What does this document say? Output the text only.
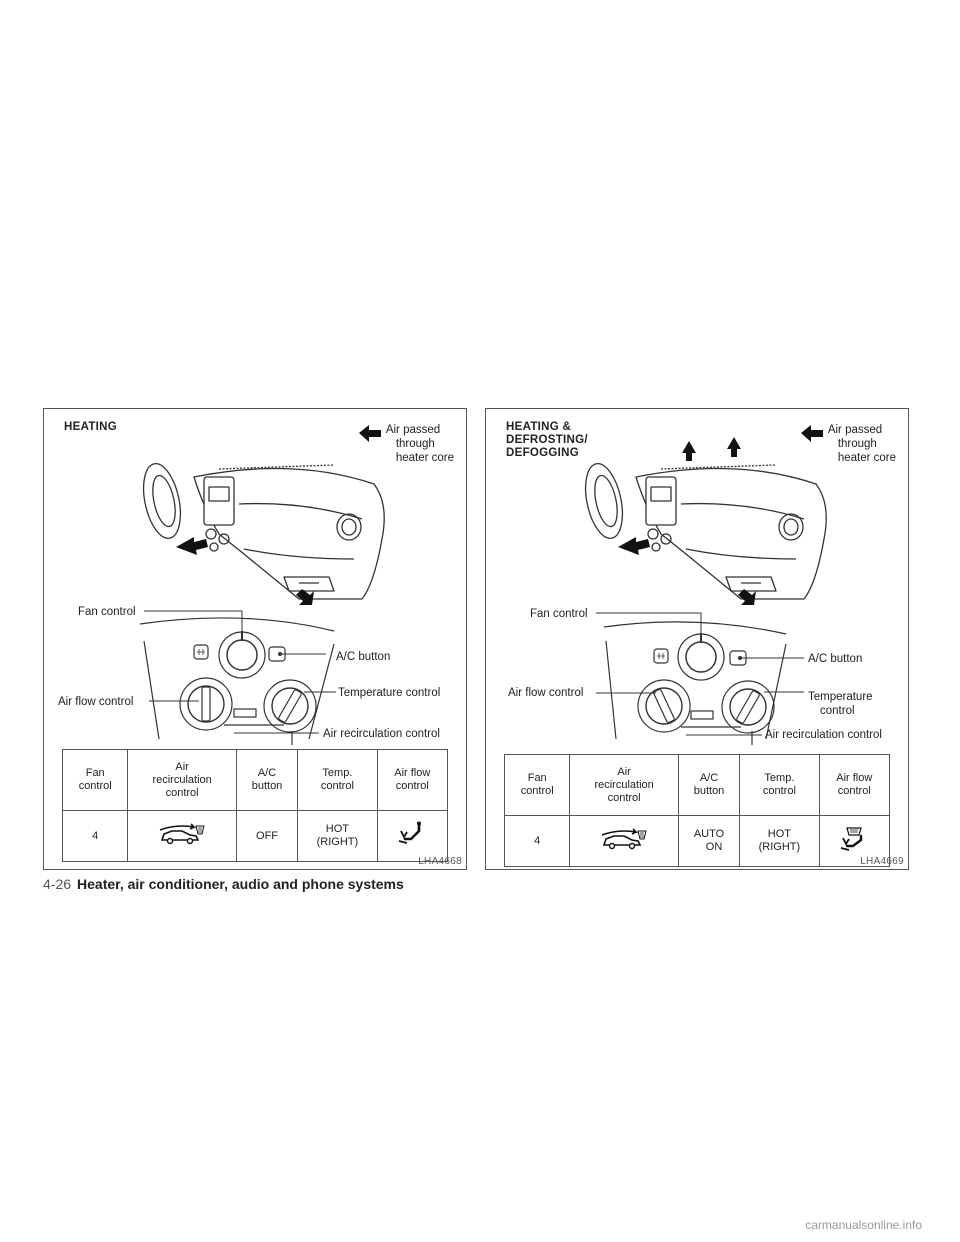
HEATING	Air passed
through
heater core
Fan control
A/C button
Air flow control
Temperature control
Air recirculation control
Fan
control	Air
recirculation
control	A/C
button	Temp.
control	Air flow
control
4		OFF	HOT
(RIGHT)	
LHA4668
HEATING &
DEFROSTING/
DEFOGGING
Air passed
through
heater core
Fan control
A/C button
Air flow control	Temperature
control
Air recirculation control
Fan
control	Air
recirculation
control	A/C
button	Temp.
control	Air flow
control
4		AUTO
ON	HOT
(RIGHT)	
LHA4669
4-26 Heater, air conditioner, audio and phone systems
carmanualsonline.info
